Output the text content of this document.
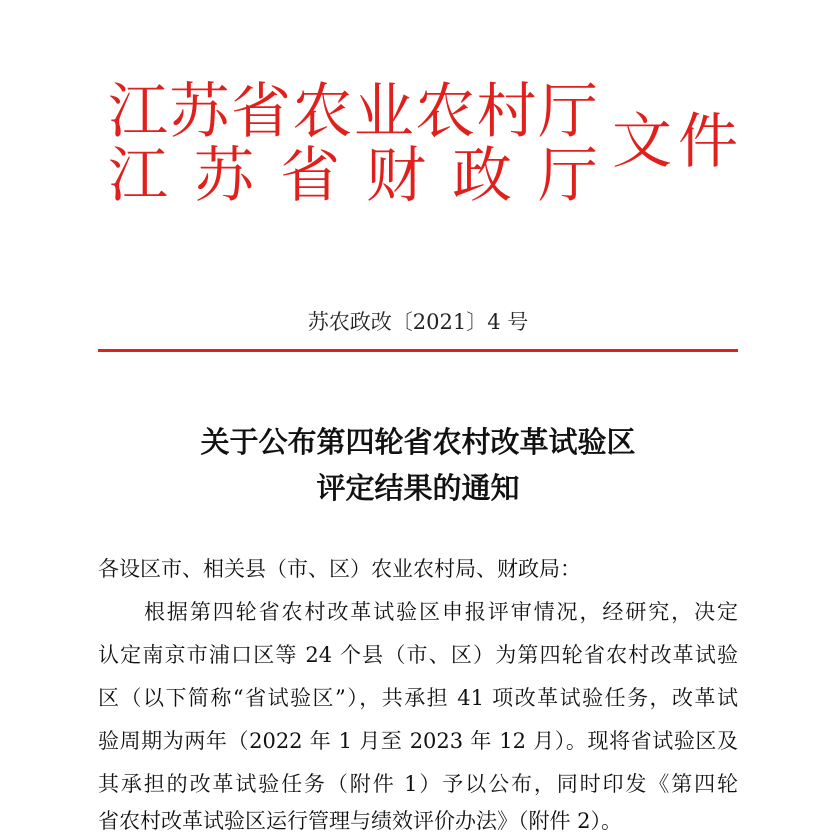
江 苏 省 农 业 农 村 厅
江 苏 省 财 政 厅 文件
苏农政改〔2021〕4 号
关于公布第四轮省农村改革试验区
评定结果的通知
各设区市、相关县（市、区）农业农村局、财政局：
根据第四轮省农村改革试验区申报评审情况，经研究，决定
认定南京市浦口区等 24 个县（市、区）为第四轮省农村改革试验
区（以下简称“省试验区”），共承担 41 项改革试验任务，改革试
验周期为两年（2022 年 1 月至 2023 年 12 月）。现将省试验区及
其承担的改革试验任务（附件 1）予以公布，同时印发《第四轮
省农村改革试验区运行管理与绩效评价办法》（附件 2）。
